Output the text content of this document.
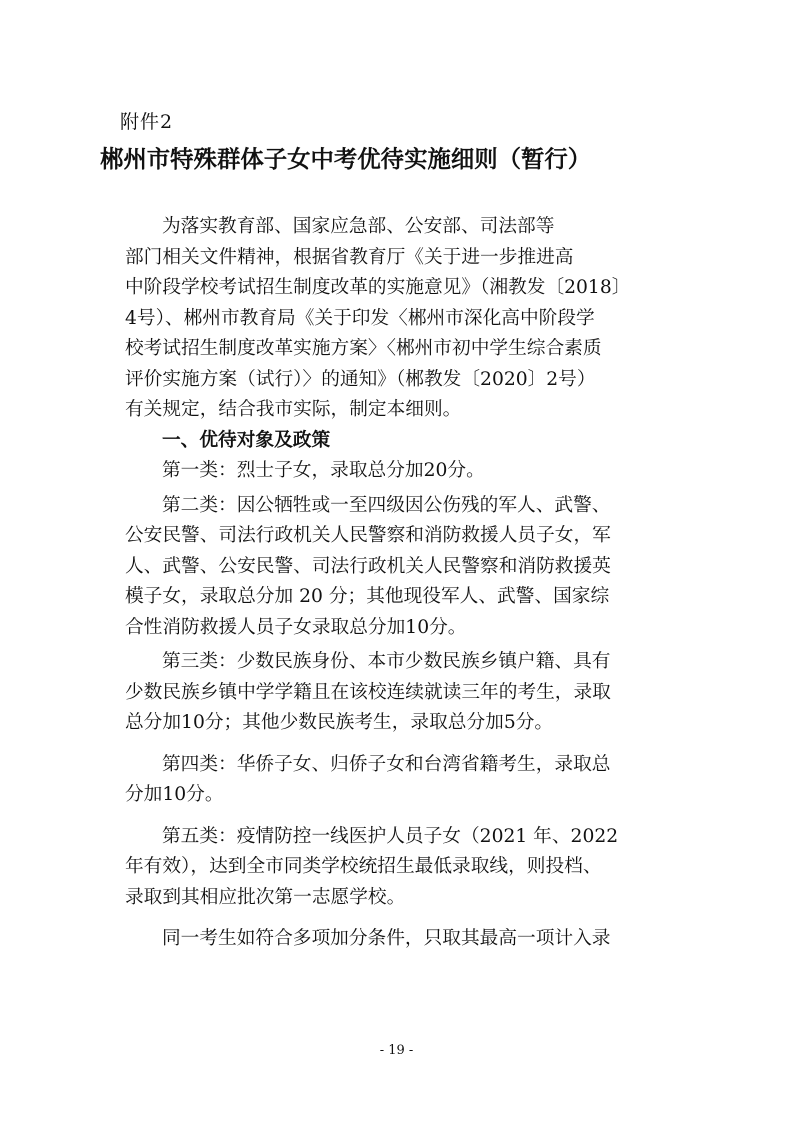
附件2
郴州市特殊群体子女中考优待实施细则（暂行）
为落实教育部、国家应急部、公安部、司法部等
部门相关文件精神，根据省教育厅《关于进一步推进高
中阶段学校考试招生制度改革的实施意见》（湘教发〔2018〕
4号）、郴州市教育局《关于印发〈郴州市深化高中阶段学
校考试招生制度改革实施方案〉〈郴州市初中学生综合素质
评价实施方案（试行）〉的通知》（郴教发〔2020〕2号）
有关规定，结合我市实际，制定本细则。
一、优待对象及政策
第一类：烈士子女，录取总分加20分。
第二类：因公牺牲或一至四级因公伤残的军人、武警、
公安民警、司法行政机关人民警察和消防救援人员子女，军
人、武警、公安民警、司法行政机关人民警察和消防救援英
模子女，录取总分加 20 分；其他现役军人、武警、国家综
合性消防救援人员子女录取总分加10分。
第三类：少数民族身份、本市少数民族乡镇户籍、具有
少数民族乡镇中学学籍且在该校连续就读三年的考生，录取
总分加10分；其他少数民族考生，录取总分加5分。
第四类：华侨子女、归侨子女和台湾省籍考生，录取总
分加10分。
第五类：疫情防控一线医护人员子女（2021 年、2022
年有效），达到全市同类学校统招生最低录取线，则投档、
录取到其相应批次第一志愿学校。
同一考生如符合多项加分条件，只取其最高一项计入录
- 19 -
